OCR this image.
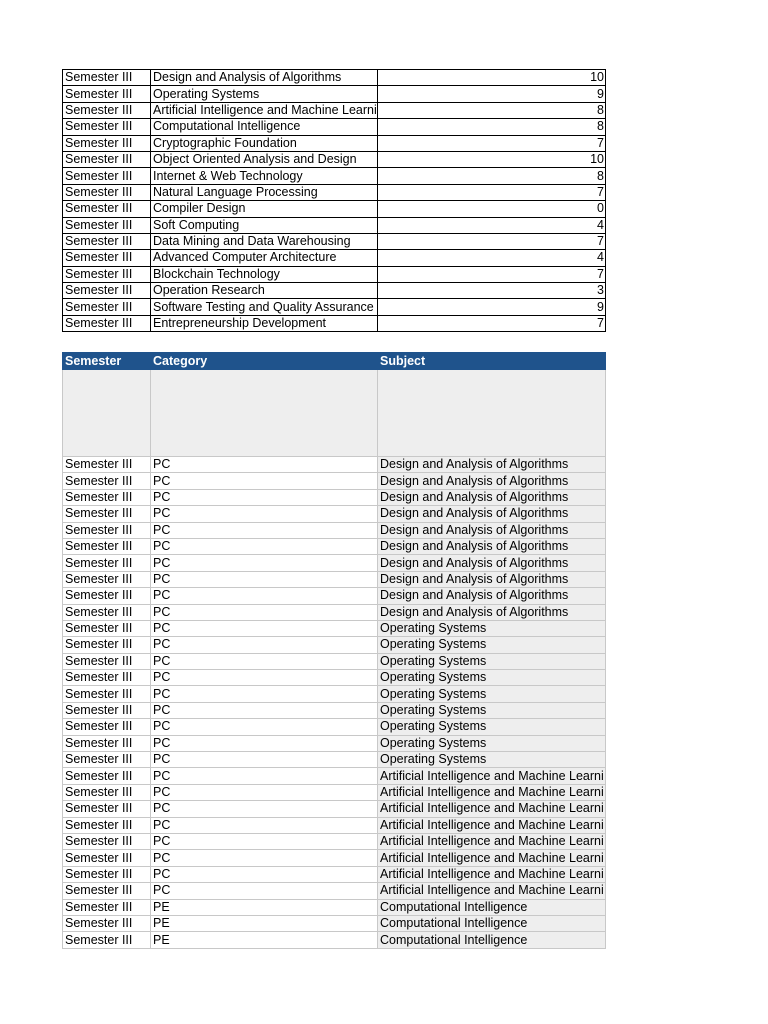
Semester III	Design and Analysis of Algorithms	10
Semester III	Operating Systems	9
Semester III	Artificial Intelligence and Machine Learni	8
Semester III	Computational Intelligence	8
Semester III	Cryptographic Foundation	7
Semester III	Object Oriented Analysis and Design	10
Semester III	Internet & Web Technology	8
Semester III	Natural Language Processing	7
Semester III	Compiler Design	0
Semester III	Soft Computing	4
Semester III	Data Mining and Data Warehousing	7
Semester III	Advanced Computer Architecture	4
Semester III	Blockchain Technology	7
Semester III	Operation Research	3
Semester III	Software Testing and Quality Assurance	9
Semester III	Entrepreneurship Development	7
Semester	Category	Subject

Semester III	PC	Design and Analysis of Algorithms
Semester III	PC	Design and Analysis of Algorithms
Semester III	PC	Design and Analysis of Algorithms
Semester III	PC	Design and Analysis of Algorithms
Semester III	PC	Design and Analysis of Algorithms
Semester III	PC	Design and Analysis of Algorithms
Semester III	PC	Design and Analysis of Algorithms
Semester III	PC	Design and Analysis of Algorithms
Semester III	PC	Design and Analysis of Algorithms
Semester III	PC	Design and Analysis of Algorithms
Semester III	PC	Operating Systems
Semester III	PC	Operating Systems
Semester III	PC	Operating Systems
Semester III	PC	Operating Systems
Semester III	PC	Operating Systems
Semester III	PC	Operating Systems
Semester III	PC	Operating Systems
Semester III	PC	Operating Systems
Semester III	PC	Operating Systems
Semester III	PC	Artificial Intelligence and Machine Learni
Semester III	PC	Artificial Intelligence and Machine Learni
Semester III	PC	Artificial Intelligence and Machine Learni
Semester III	PC	Artificial Intelligence and Machine Learni
Semester III	PC	Artificial Intelligence and Machine Learni
Semester III	PC	Artificial Intelligence and Machine Learni
Semester III	PC	Artificial Intelligence and Machine Learni
Semester III	PC	Artificial Intelligence and Machine Learni
Semester III	PE	Computational Intelligence
Semester III	PE	Computational Intelligence
Semester III	PE	Computational Intelligence
